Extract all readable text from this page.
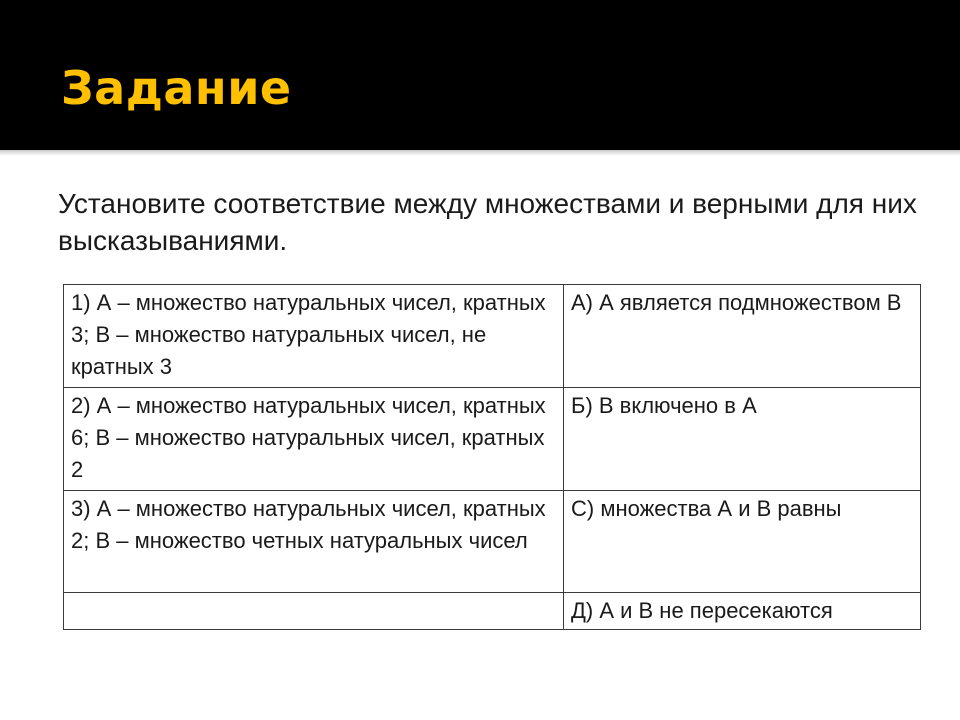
Задание

Установите соответствие между множествами и верными для них высказываниями.

1) А – множество натуральных чисел, кратных 3; В – множество натуральных чисел, не кратных 3	А) А является подмножеством В
2) А – множество натуральных чисел, кратных 6; В – множество натуральных чисел, кратных 2	Б) В включено в А
3) А – множество натуральных чисел, кратных 2; В – множество четных натуральных чисел	С) множества А и В равны
	Д) А и В не пересекаются
